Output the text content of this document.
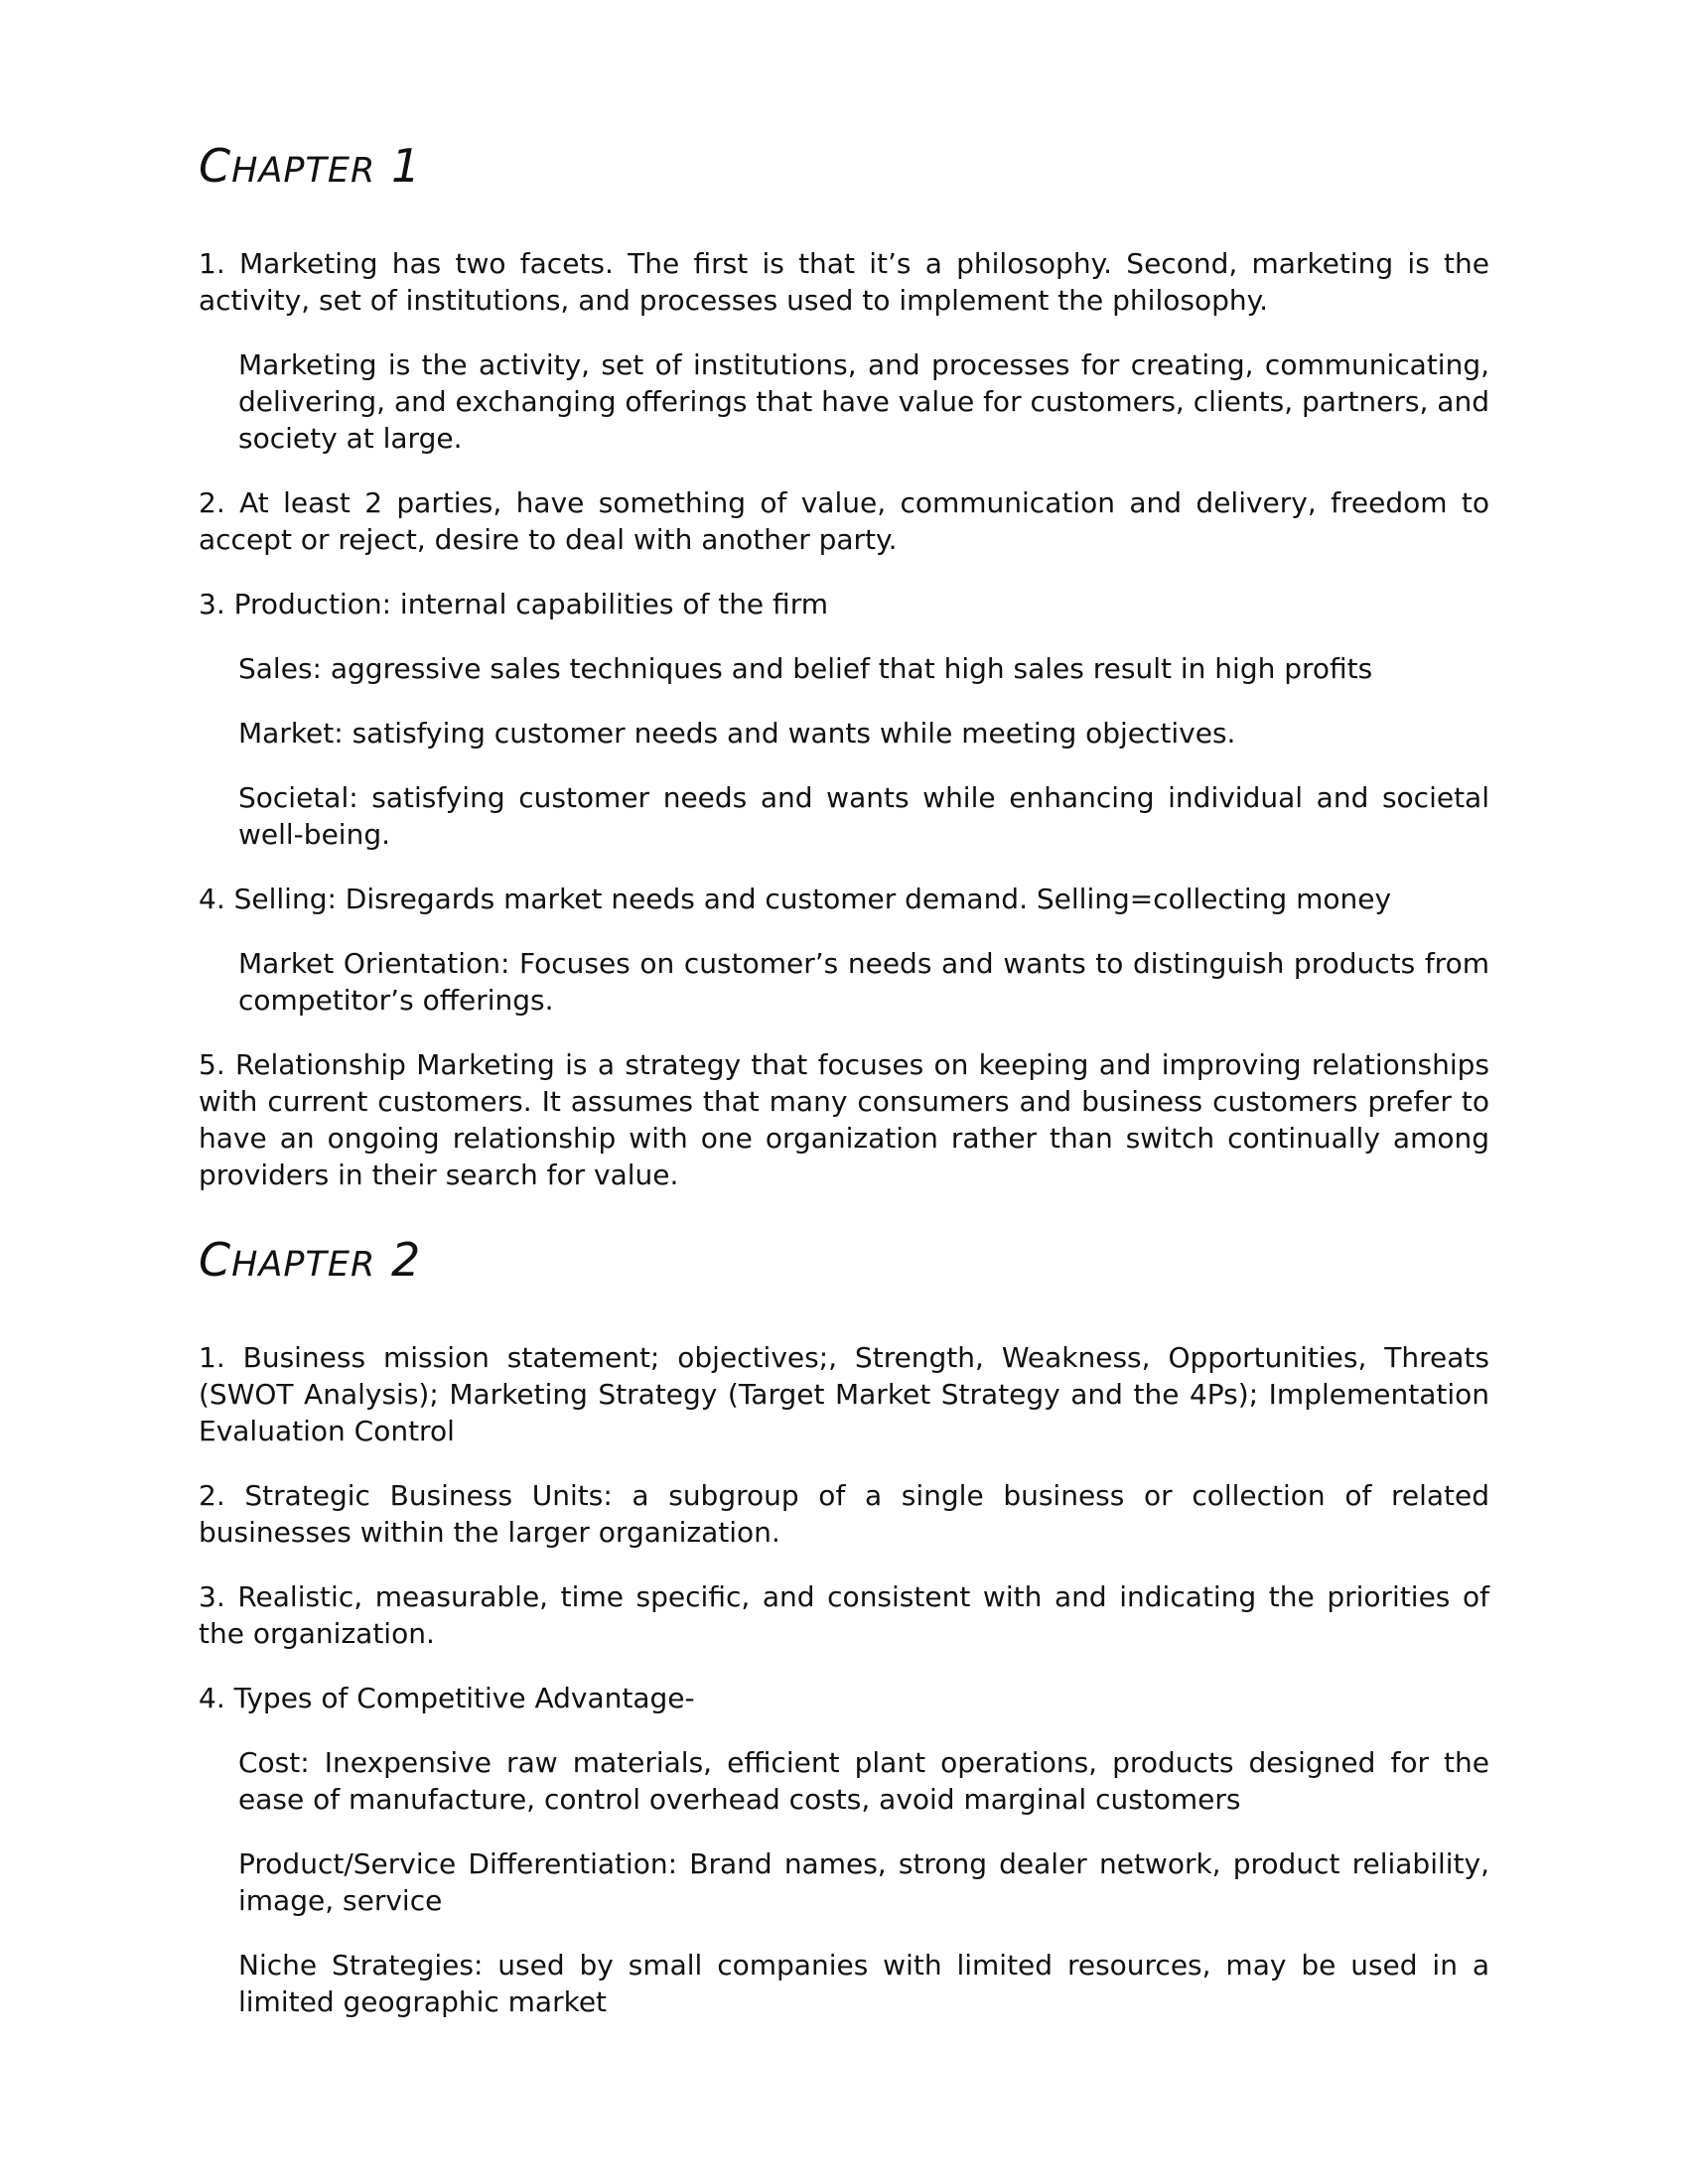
CHAPTER 1

1. Marketing has two facets. The first is that it’s a philosophy. Second, marketing is the activity, set of institutions, and processes used to implement the philosophy.

Marketing is the activity, set of institutions, and processes for creating, communicating, delivering, and exchanging offerings that have value for customers, clients, partners, and society at large.

2. At least 2 parties, have something of value, communication and delivery, freedom to accept or reject, desire to deal with another party.

3. Production: internal capabilities of the firm

Sales: aggressive sales techniques and belief that high sales result in high profits

Market: satisfying customer needs and wants while meeting objectives.

Societal: satisfying customer needs and wants while enhancing individual and societal well-being.

4. Selling: Disregards market needs and customer demand. Selling=collecting money

Market Orientation: Focuses on customer’s needs and wants to distinguish products from competitor’s offerings.

5. Relationship Marketing is a strategy that focuses on keeping and improving relationships with current customers. It assumes that many consumers and business customers prefer to have an ongoing relationship with one organization rather than switch continually among providers in their search for value.

CHAPTER 2

1. Business mission statement; objectives;, Strength, Weakness, Opportunities, Threats (SWOT Analysis); Marketing Strategy (Target Market Strategy and the 4Ps); Implementation Evaluation Control

2. Strategic Business Units: a subgroup of a single business or collection of related businesses within the larger organization.

3. Realistic, measurable, time specific, and consistent with and indicating the priorities of the organization.

4. Types of Competitive Advantage-

Cost: Inexpensive raw materials, efficient plant operations, products designed for the ease of manufacture, control overhead costs, avoid marginal customers

Product/Service Differentiation: Brand names, strong dealer network, product reliability, image, service

Niche Strategies: used by small companies with limited resources, may be used in a limited geographic market
